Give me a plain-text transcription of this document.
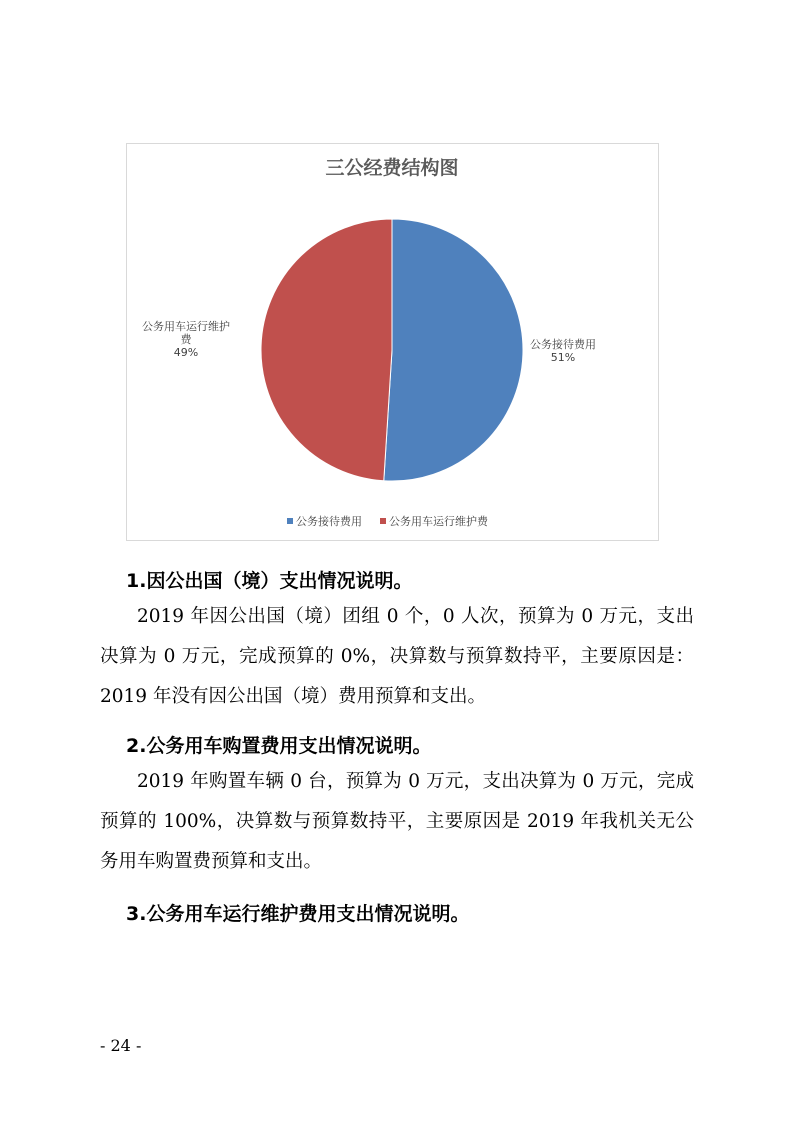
三公经费结构图
公务接待费用
51%
公务用车运行维护
费
49%
公务接待费用 公务用车运行维护费
1.因公出国（境）支出情况说明。
2019 年因公出国（境）团组 0 个，0 人次，预算为 0 万元，支出决算为 0 万元，完成预算的 0%，决算数与预算数持平，主要原因是：2019 年没有因公出国（境）费用预算和支出。
2.公务用车购置费用支出情况说明。
2019 年购置车辆 0 台，预算为 0 万元，支出决算为 0 万元，完成预算的 100%，决算数与预算数持平，主要原因是 2019 年我机关无公务用车购置费预算和支出。
3.公务用车运行维护费用支出情况说明。
- 24 -
